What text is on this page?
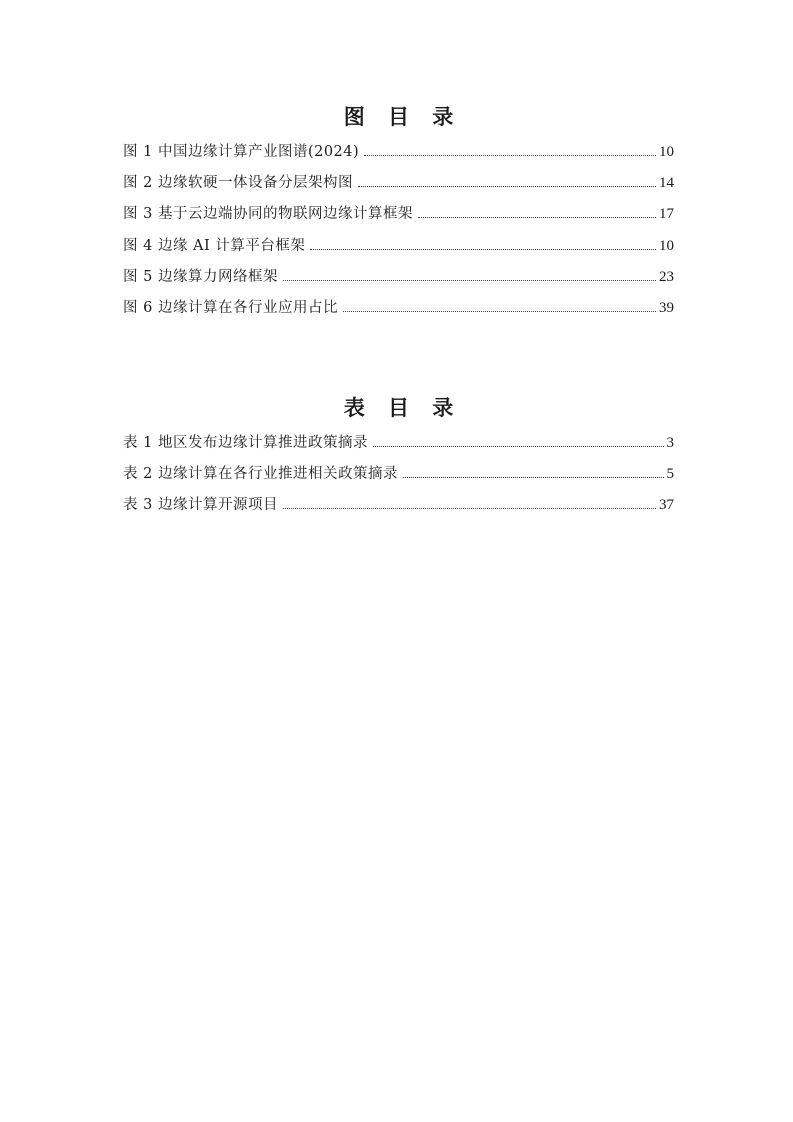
图 目 录
图 1 中国边缘计算产业图谱(2024)	10
图 2 边缘软硬一体设备分层架构图	14
图 3 基于云边端协同的物联网边缘计算框架	17
图 4 边缘 AI 计算平台框架	10
图 5 边缘算力网络框架	23
图 6 边缘计算在各行业应用占比	39
表 目 录
表 1 地区发布边缘计算推进政策摘录	3
表 2 边缘计算在各行业推进相关政策摘录	5
表 3 边缘计算开源项目	37
